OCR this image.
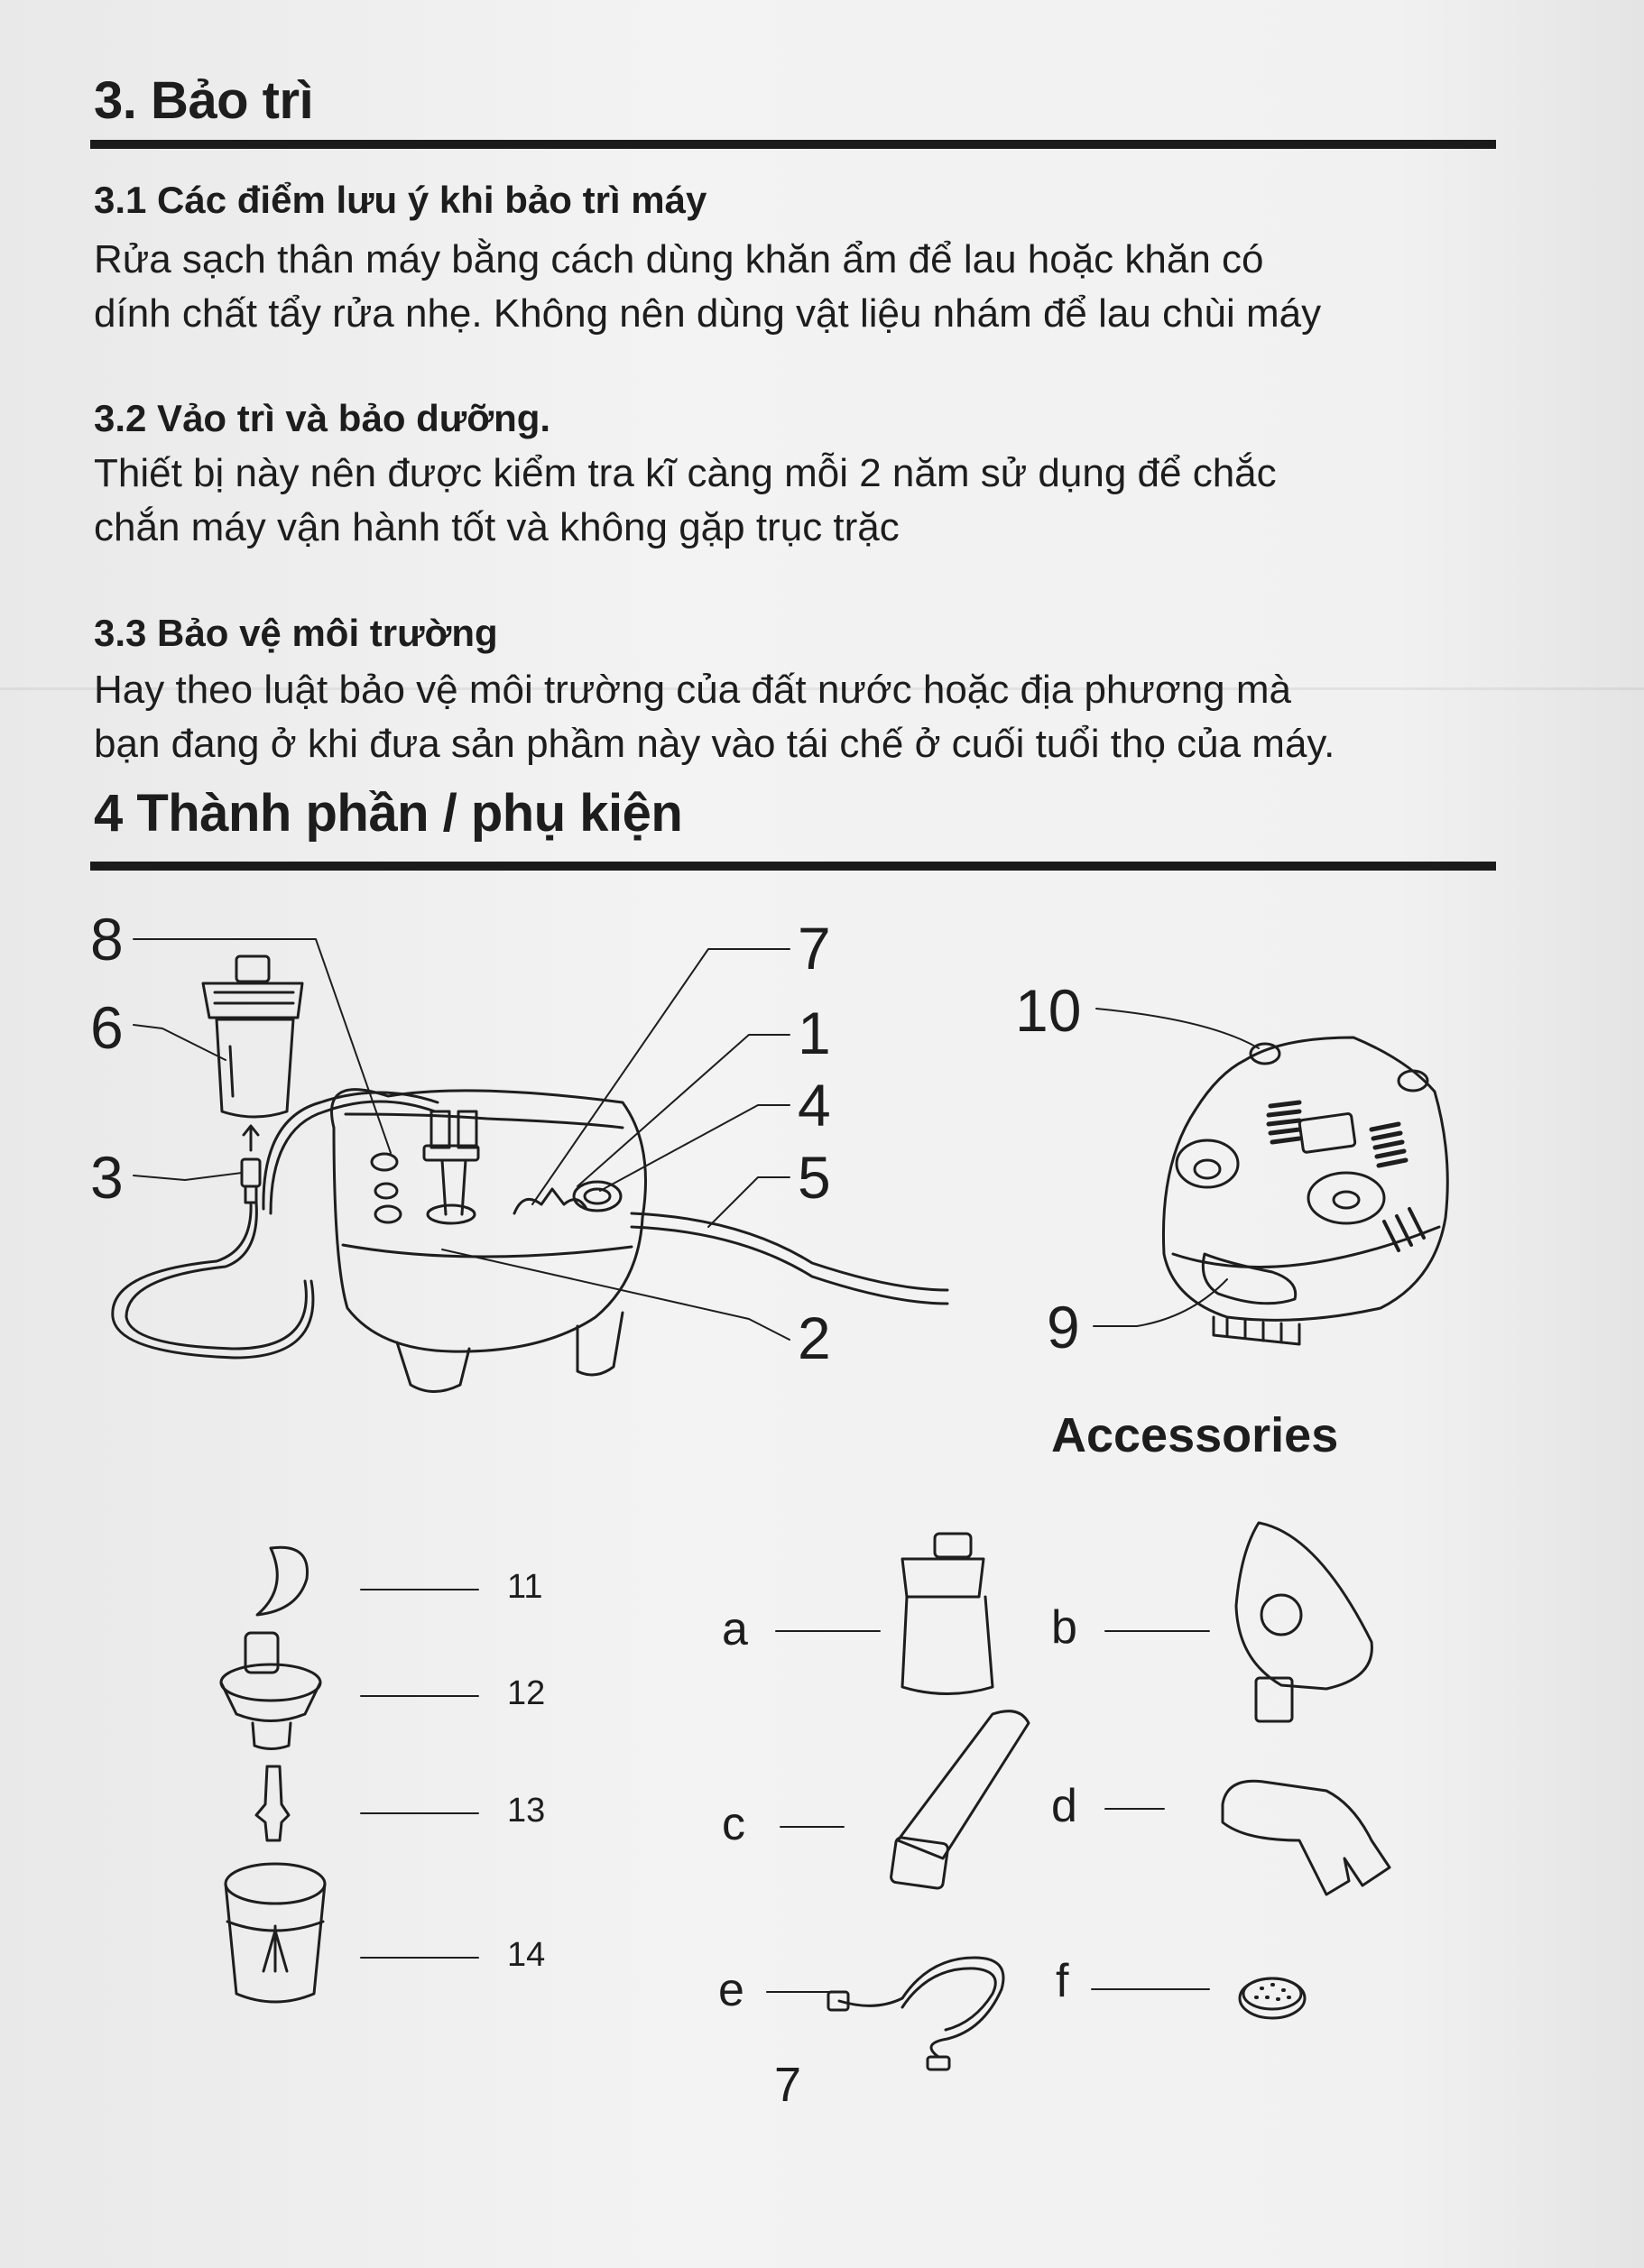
3. Bảo trì
3.1 Các điểm lưu ý khi bảo trì máy
Rửa sạch thân máy bằng cách dùng khăn ẩm để lau hoặc khăn có
dính chất tẩy rửa nhẹ. Không nên dùng vật liệu nhám để lau chùi máy
3.2 Vảo trì và bảo dưỡng.
Thiết bị này nên được kiểm tra kĩ càng mỗi 2 năm sử dụng để chắc
chắn máy vận hành tốt và không gặp trục trặc
3.3 Bảo vệ môi trường
Hay theo luật bảo vệ môi trường của đất nước hoặc địa phương mà
bạn đang ở khi đưa sản phầm này vào tái chế ở cuối tuổi thọ của máy.
4 Thành phần / phụ kiện
8
6
3
7
1
4
5
2
10
9
Accessories
11
12
13
14
a	b
c	d
e	f
7
